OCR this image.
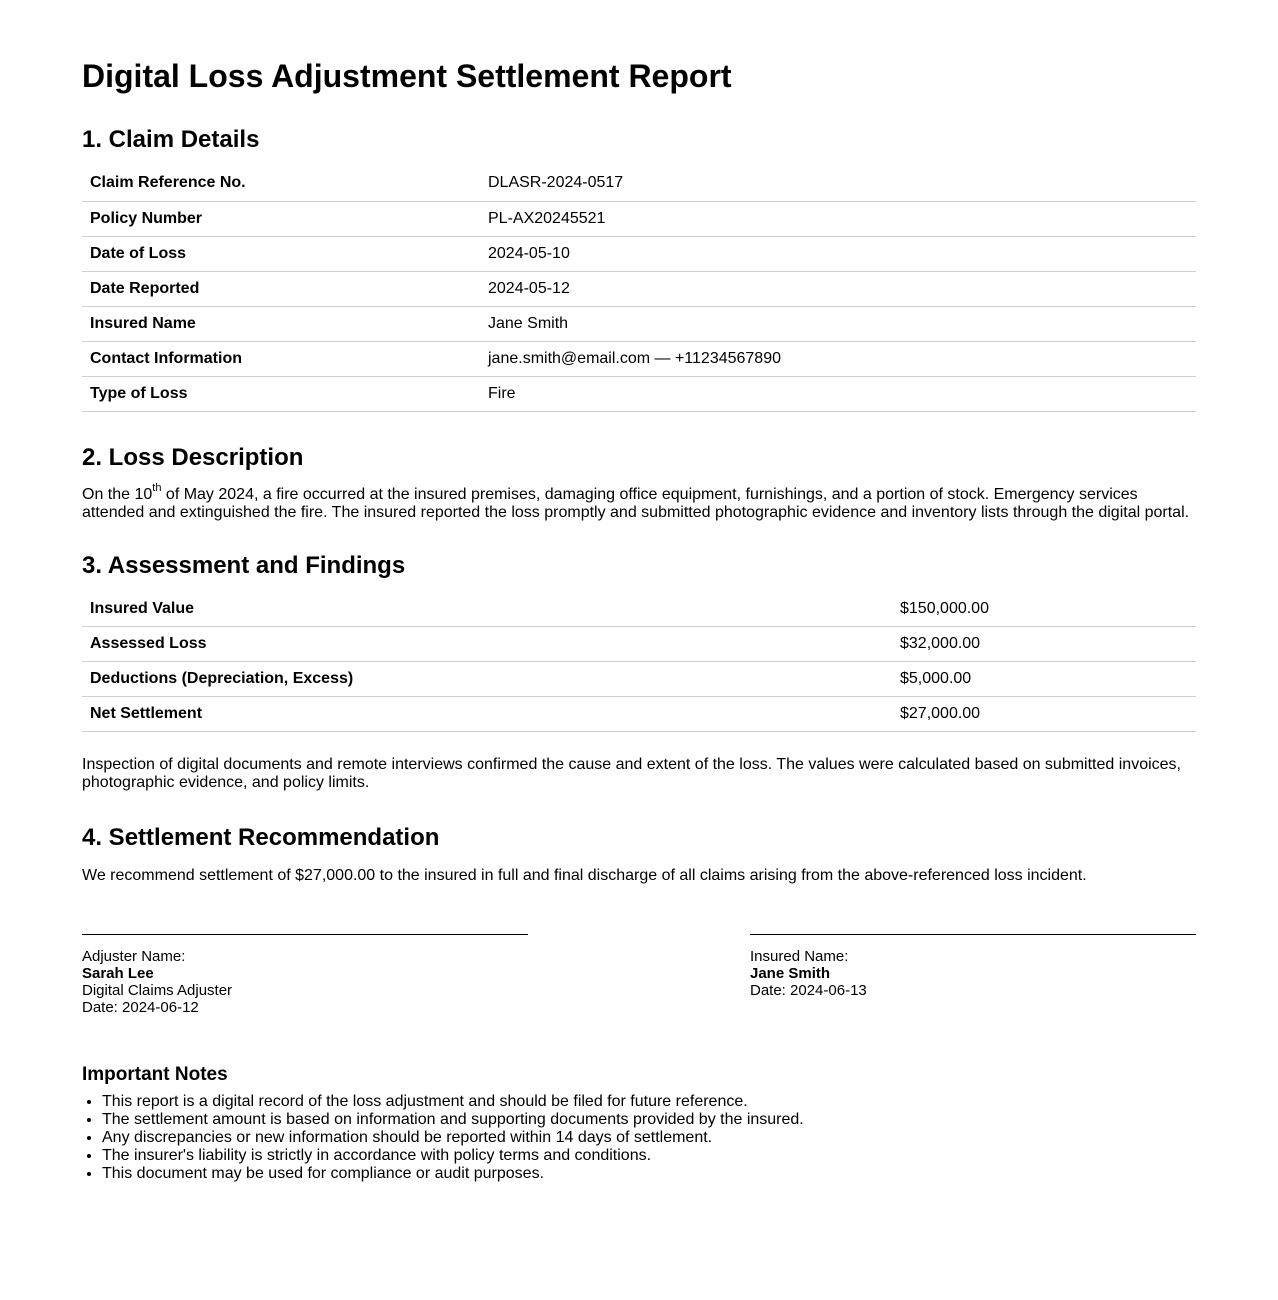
Digital Loss Adjustment Settlement Report
1. Claim Details
Claim Reference No.	DLASR-2024-0517
Policy Number	PL-AX20245521
Date of Loss	2024-05-10
Date Reported	2024-05-12
Insured Name	Jane Smith
Contact Information	jane.smith@email.com — +11234567890
Type of Loss	Fire
2. Loss Description

On the 10th of May 2024, a fire occurred at the insured premises, damaging office equipment, furnishings, and a portion of stock. Emergency services attended and extinguished the fire. The insured reported the loss promptly and submitted photographic evidence and inventory lists through the digital portal.

3. Assessment and Findings
Insured Value	$150,000.00
Assessed Loss	$32,000.00
Deductions (Depreciation, Excess)	$5,000.00
Net Settlement	$27,000.00

Inspection of digital documents and remote interviews confirmed the cause and extent of the loss. The values were calculated based on submitted invoices, photographic evidence, and policy limits.

4. Settlement Recommendation

We recommend settlement of $27,000.00 to the insured in full and final discharge of all claims arising from the above-referenced loss incident.

Adjuster Name:
Sarah Lee
Digital Claims Adjuster
Date: 2024-06-12
Insured Name:
Jane Smith
Date: 2024-06-13
Important Notes
• This report is a digital record of the loss adjustment and should be filed for future reference.
• The settlement amount is based on information and supporting documents provided by the insured.
• Any discrepancies or new information should be reported within 14 days of settlement.
• The insurer's liability is strictly in accordance with policy terms and conditions.
• This document may be used for compliance or audit purposes.
